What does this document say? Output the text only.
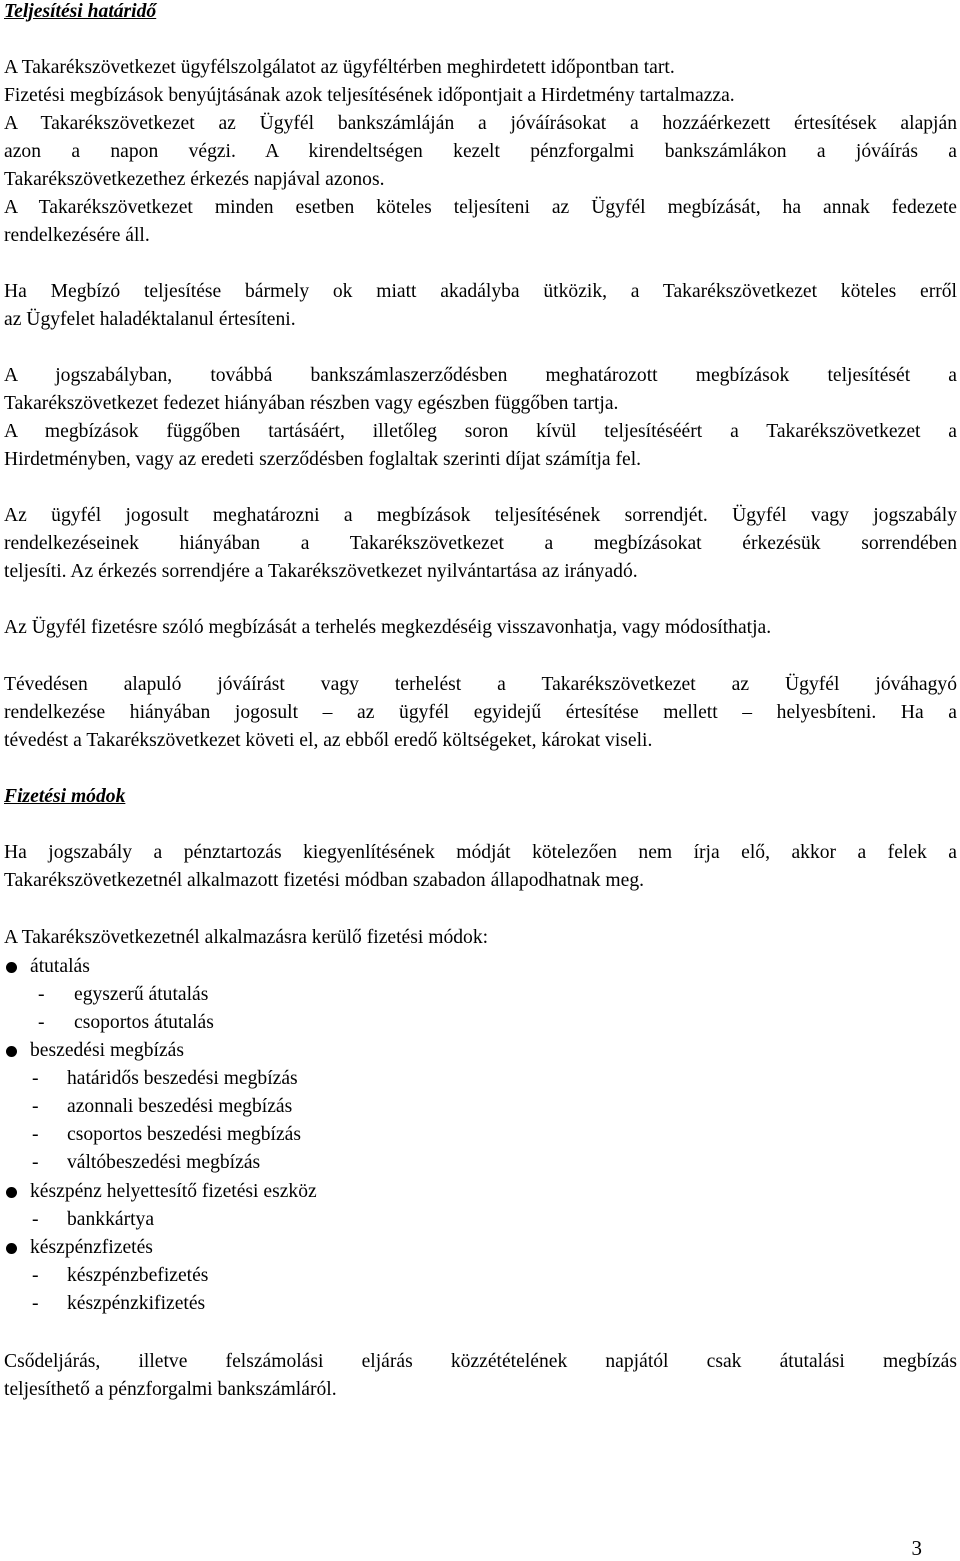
Teljesítési határidő
A Takarékszövetkezet ügyfélszolgálatot az ügyféltérben meghirdetett időpontban tart.
Fizetési megbízások benyújtásának azok teljesítésének időpontjait a Hirdetmény tartalmazza.
A Takarékszövetkezet az Ügyfél bankszámláján a jóváírásokat a hozzáérkezett értesítések alapján
azon a napon végzi. A kirendeltségen kezelt pénzforgalmi bankszámlákon a jóváírás a
Takarékszövetkezethez érkezés napjával azonos.
A Takarékszövetkezet minden esetben köteles teljesíteni az Ügyfél megbízását, ha annak fedezete
rendelkezésére áll.
Ha Megbízó teljesítése bármely ok miatt akadályba ütközik, a Takarékszövetkezet köteles erről
az Ügyfelet haladéktalanul értesíteni.
A jogszabályban, továbbá bankszámlaszerződésben meghatározott megbízások teljesítését a
Takarékszövetkezet fedezet hiányában részben vagy egészben függőben tartja.
A megbízások függőben tartásáért, illetőleg soron kívül teljesítéséért a Takarékszövetkezet a
Hirdetményben, vagy az eredeti szerződésben foglaltak szerinti díjat számítja fel.
Az ügyfél jogosult meghatározni a megbízások teljesítésének sorrendjét. Ügyfél vagy jogszabály
rendelkezéseinek hiányában a Takarékszövetkezet a megbízásokat érkezésük sorrendében
teljesíti. Az érkezés sorrendjére a Takarékszövetkezet nyilvántartása az irányadó.
Az Ügyfél fizetésre szóló megbízását a terhelés megkezdéséig visszavonhatja, vagy módosíthatja.
Tévedésen alapuló jóváírást vagy terhelést a Takarékszövetkezet az Ügyfél jóváhagyó
rendelkezése hiányában jogosult – az ügyfél egyidejű értesítése mellett – helyesbíteni. Ha a
tévedést a Takarékszövetkezet követi el, az ebből eredő költségeket, károkat viseli.
Fizetési módok
Ha jogszabály a pénztartozás kiegyenlítésének módját kötelezően nem írja elő, akkor a felek a
Takarékszövetkezetnél alkalmazott fizetési módban szabadon állapodhatnak meg.
A Takarékszövetkezetnél alkalmazásra kerülő fizetési módok:
átutalás
- egyszerű átutalás
- csoportos átutalás
beszedési megbízás
- határidős beszedési megbízás
- azonnali beszedési megbízás
- csoportos beszedési megbízás
- váltóbeszedési megbízás
készpénz helyettesítő fizetési eszköz
- bankkártya
készpénzfizetés
- készpénzbefizetés
- készpénzkifizetés
Csődeljárás, illetve felszámolási eljárás közzétételének napjától csak átutalási megbízás
teljesíthető a pénzforgalmi bankszámláról.
3
